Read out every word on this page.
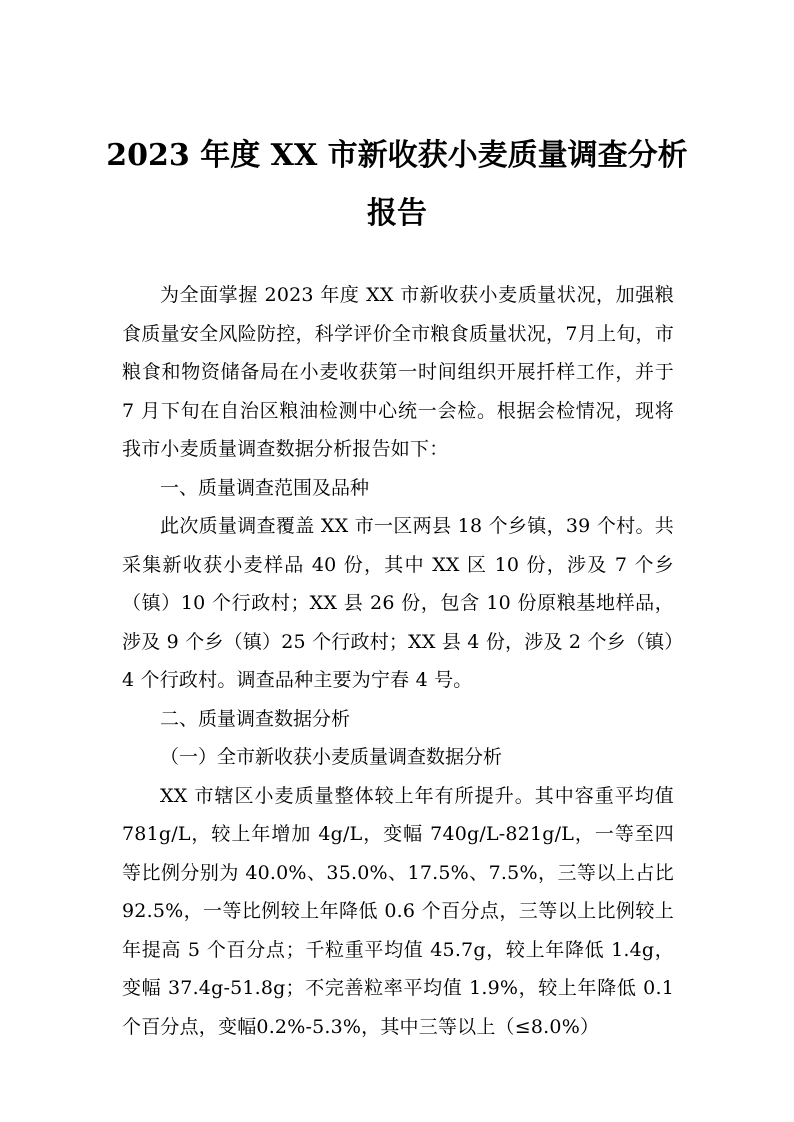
2023 年度 XX 市新收获小麦质量调查分析
报告

为全面掌握 2023 年度 XX 市新收获小麦质量状况，加强粮食质量安全风险防控，科学评价全市粮食质量状况，7月上旬，市粮食和物资储备局在小麦收获第一时间组织开展扦样工作，并于 7 月下旬在自治区粮油检测中心统一会检。根据会检情况，现将我市小麦质量调查数据分析报告如下：

一、质量调查范围及品种

此次质量调查覆盖 XX 市一区两县 18 个乡镇，39 个村。共采集新收获小麦样品 40 份，其中 XX 区 10 份，涉及 7 个乡（镇）10 个行政村；XX 县 26 份，包含 10 份原粮基地样品，涉及 9 个乡（镇）25 个行政村；XX 县 4 份，涉及 2 个乡（镇）4 个行政村。调查品种主要为宁春 4 号。

二、质量调查数据分析

（一）全市新收获小麦质量调查数据分析

XX 市辖区小麦质量整体较上年有所提升。其中容重平均值 781g/L，较上年增加 4g/L，变幅 740g/L-821g/L，一等至四等比例分别为 40.0%、35.0%、17.5%、7.5%，三等以上占比 92.5%，一等比例较上年降低 0.6 个百分点，三等以上比例较上年提高 5 个百分点；千粒重平均值 45.7g，较上年降低 1.4g，变幅 37.4g-51.8g；不完善粒率平均值 1.9%，较上年降低 0.1 个百分点，变幅0.2%-5.3%，其中三等以上（≤8.0%）
